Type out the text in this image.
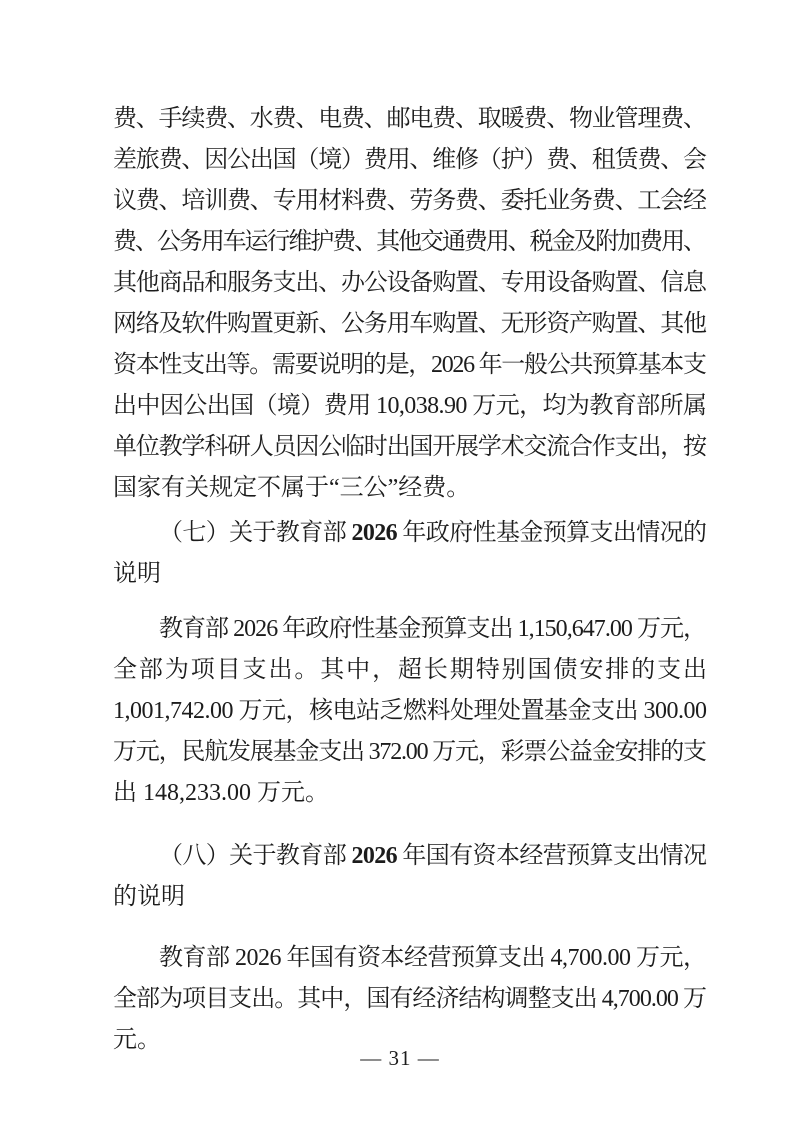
费、手续费、水费、电费、邮电费、取暖费、物业管理费、
差旅费、因公出国（境）费用、维修（护）费、租赁费、会
议费、培训费、专用材料费、劳务费、委托业务费、工会经
费、公务用车运行维护费、其他交通费用、税金及附加费用、
其他商品和服务支出、办公设备购置、专用设备购置、信息
网络及软件购置更新、公务用车购置、无形资产购置、其他
资本性支出等。需要说明的是，2026 年一般公共预算基本支
出中因公出国（境）费用 10,038.90 万元，均为教育部所属
单位教学科研人员因公临时出国开展学术交流合作支出，按
国家有关规定不属于“三公”经费。
（七）关于教育部 2026 年政府性基金预算支出情况的
说明
教育部 2026 年政府性基金预算支出 1,150,647.00 万元，
全部为项目支出。其中，超长期特别国债安排的支出
1,001,742.00 万元，核电站乏燃料处理处置基金支出 300.00
万元，民航发展基金支出 372.00 万元，彩票公益金安排的支
出 148,233.00 万元。
（八）关于教育部 2026 年国有资本经营预算支出情况
的说明
教育部 2026 年国有资本经营预算支出 4,700.00 万元，
全部为项目支出。其中，国有经济结构调整支出 4,700.00 万
元。
— 31 —
